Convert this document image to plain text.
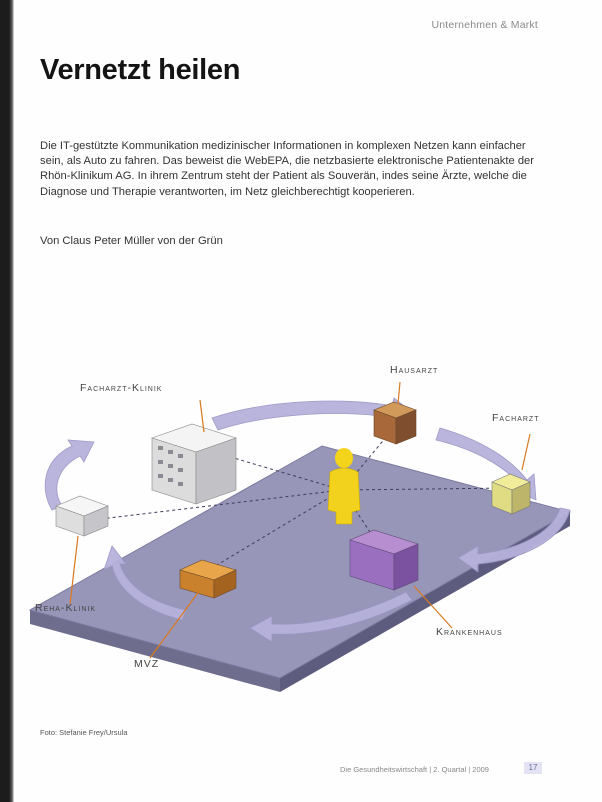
Unternehmen & Markt
Vernetzt heilen
Die IT-gestützte Kommunikation medizinischer Informationen in komplexen Netzen kann einfacher sein, als Auto zu fahren. Das beweist die WebEPA, die netzbasierte elektronische Patientenakte der Rhön-Klinikum AG. In ihrem Zentrum steht der Patient als Souverän, indes seine Ärzte, welche die Diagnose und Therapie verantworten, im Netz gleichberechtigt kooperieren.
Von Claus Peter Müller von der Grün
Facharzt-Klinik
Hausarzt
Facharzt
Reha-Klinik
Krankenhaus
MVZ
Foto: Stefanie Frey/Ursula
Die Gesundheitswirtschaft | 2. Quartal | 2009	17
